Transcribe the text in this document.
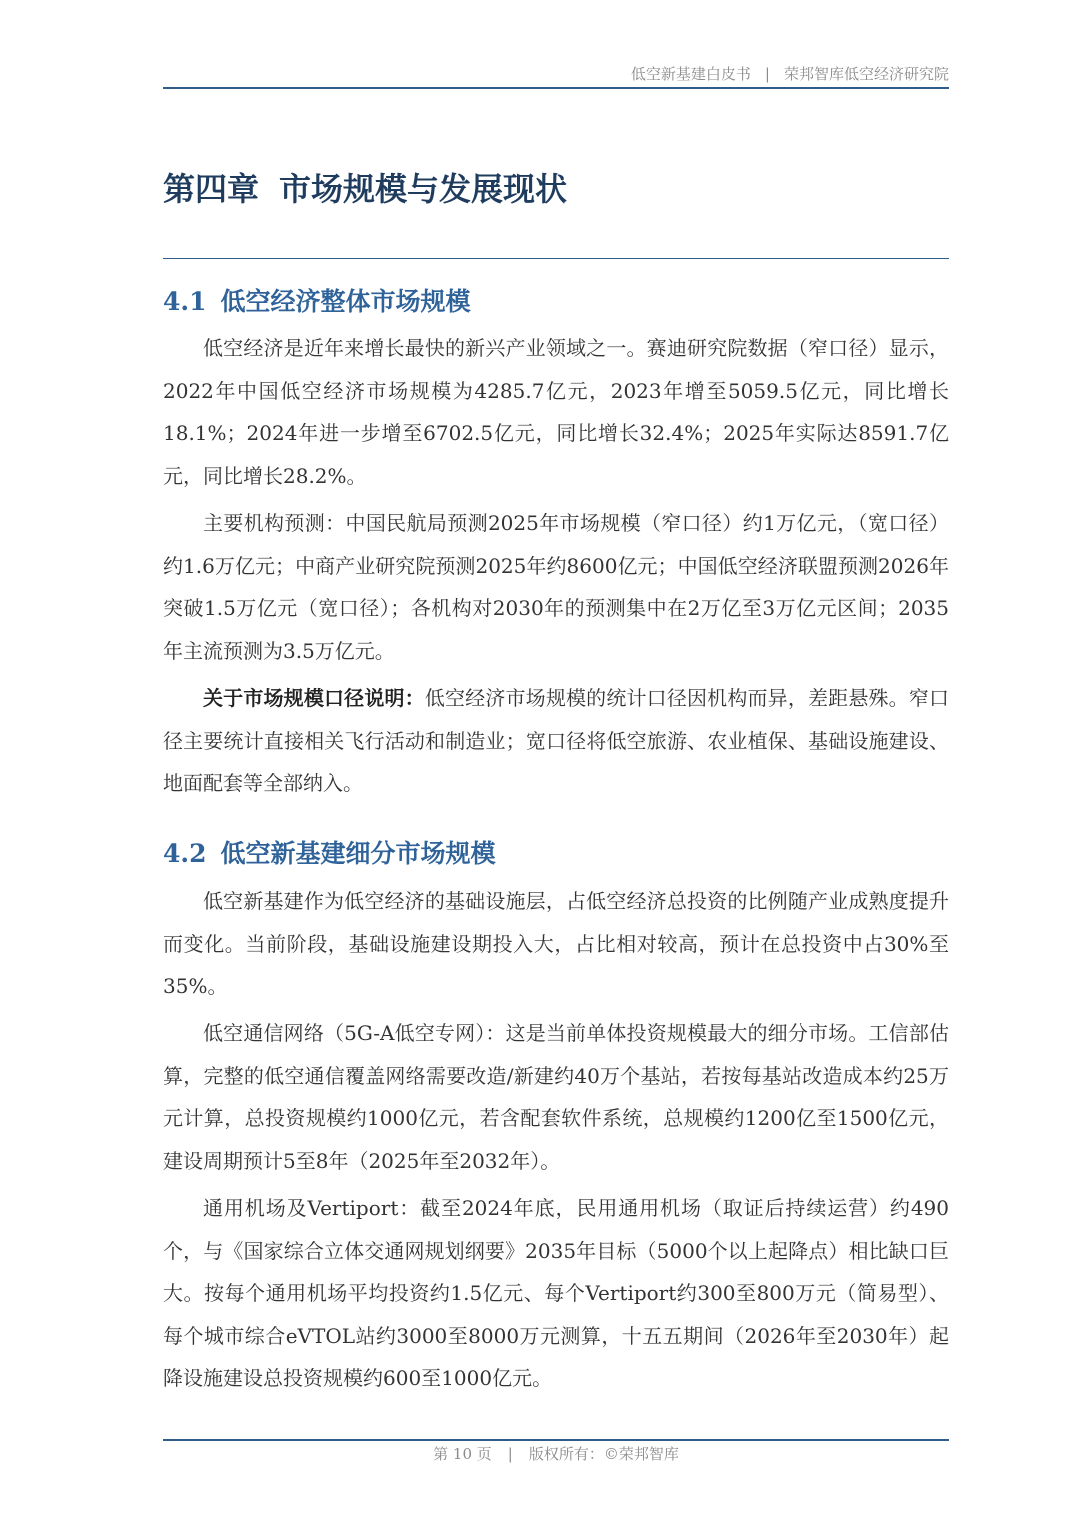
低空新基建白皮书 | 荣邦智库低空经济研究院
第四章 市场规模与发展现状
4.1 低空经济整体市场规模

低空经济是近年来增长最快的新兴产业领域之一。赛迪研究院数据（窄口径）显示，2022年中国低空经济市场规模为4285.7亿元，2023年增至5059.5亿元，同比增长18.1%；2024年进一步增至6702.5亿元，同比增长32.4%；2025年实际达8591.7亿元，同比增长28.2%。

主要机构预测：中国民航局预测2025年市场规模（窄口径）约1万亿元，（宽口径）约1.6万亿元；中商产业研究院预测2025年约8600亿元；中国低空经济联盟预测2026年突破1.5万亿元（宽口径）；各机构对2030年的预测集中在2万亿至3万亿元区间；2035年主流预测为3.5万亿元。

关于市场规模口径说明：低空经济市场规模的统计口径因机构而异，差距悬殊。窄口径主要统计直接相关飞行活动和制造业；宽口径将低空旅游、农业植保、基础设施建设、地面配套等全部纳入。

4.2 低空新基建细分市场规模

低空新基建作为低空经济的基础设施层，占低空经济总投资的比例随产业成熟度提升而变化。当前阶段，基础设施建设期投入大，占比相对较高，预计在总投资中占30%至35%。

低空通信网络（5G-A低空专网）：这是当前单体投资规模最大的细分市场。工信部估算，完整的低空通信覆盖网络需要改造/新建约40万个基站，若按每基站改造成本约25万元计算，总投资规模约1000亿元，若含配套软件系统，总规模约1200亿至1500亿元，建设周期预计5至8年（2025年至2032年）。

通用机场及Vertiport：截至2024年底，民用通用机场（取证后持续运营）约490个，与《国家综合立体交通网规划纲要》2035年目标（5000个以上起降点）相比缺口巨大。按每个通用机场平均投资约1.5亿元、每个Vertiport约300至800万元（简易型）、每个城市综合eVTOL站约3000至8000万元测算，十五五期间（2026年至2030年）起降设施建设总投资规模约600至1000亿元。

第 10 页 | 版权所有：©荣邦智库
